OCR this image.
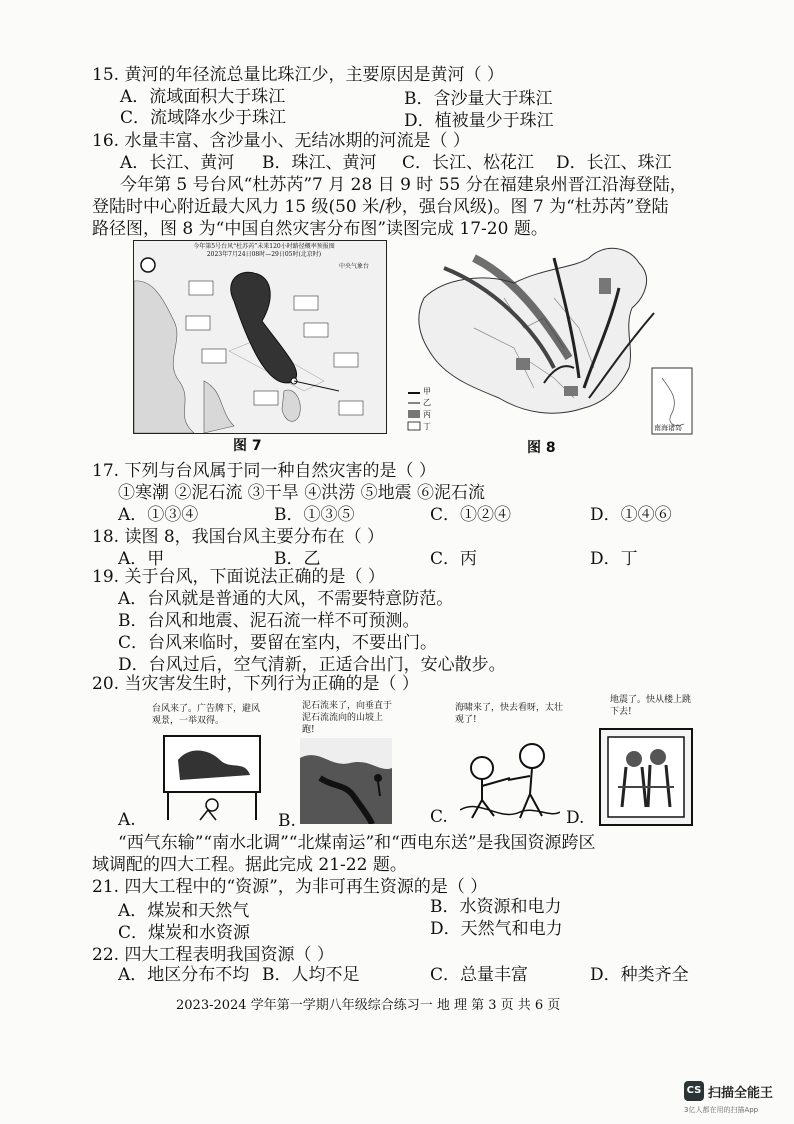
15. 黄河的年径流总量比珠江少，主要原因是黄河（ ）
A．流域面积大于珠江	B．含沙量大于珠江
C．流域降水少于珠江	D．植被量少于珠江
16. 水量丰富、含沙量小、无结冰期的河流是（ ）
A．长江、黄河 B．珠江、黄河 C．长江、松花江 D．长江、珠江
今年第 5 号台风“杜苏芮”7 月 28 日 9 时 55 分在福建泉州晋江沿海登陆，
登陆时中心附近最大风力 15 级(50 米/秒，强台风级)。图 7 为“杜苏芮”登陆
路径图，图 8 为“中国自然灾害分布图”读图完成 17-20 题。
今年第5号台风“杜苏芮”未来120小时路径概率预报图
2023年7月24日08时—29日05时(北京时)
中央气象台
图 7
甲
乙
丙
丁	南海诸岛
图 8
17. 下列与台风属于同一种自然灾害的是（ ）
①寒潮 ②泥石流 ③干旱 ④洪涝 ⑤地震 ⑥泥石流
A．①③④	B．①③⑤	C．①②④	D．①④⑥
18. 读图 8，我国台风主要分布在（ ）
A．甲	B．乙	C．丙	D．丁
19. 关于台风，下面说法正确的是（ ）
A．台风就是普通的大风，不需要特意防范。
B．台风和地震、泥石流一样不可预测。
C．台风来临时，要留在室内，不要出门。
D．台风过后，空气清新，正适合出门，安心散步。
20. 当灾害发生时，下列行为正确的是（ ）
台风来了。广告牌下，避风观景，一举双得。
A.
泥石流来了，向垂直于泥石流流向的山坡上跑!
B.
海啸来了，快去看呀，太壮观了!
C.
地震了。快从楼上跳下去!
D.
“西气东输”“南水北调”“北煤南运”和“西电东送”是我国资源跨区
域调配的四大工程。据此完成 21-22 题。
21. 四大工程中的“资源”，为非可再生资源的是（ ）
A．煤炭和天然气	B．水资源和电力
C．煤炭和水资源	D．天然气和电力
22. 四大工程表明我国资源（ ）
A．地区分布不均 B．人均不足	C．总量丰富	D．种类齐全
2023-2024 学年第一学期八年级综合练习一 地 理 第 3 页 共 6 页
CS 扫描全能王
3亿人都在用的扫描App
